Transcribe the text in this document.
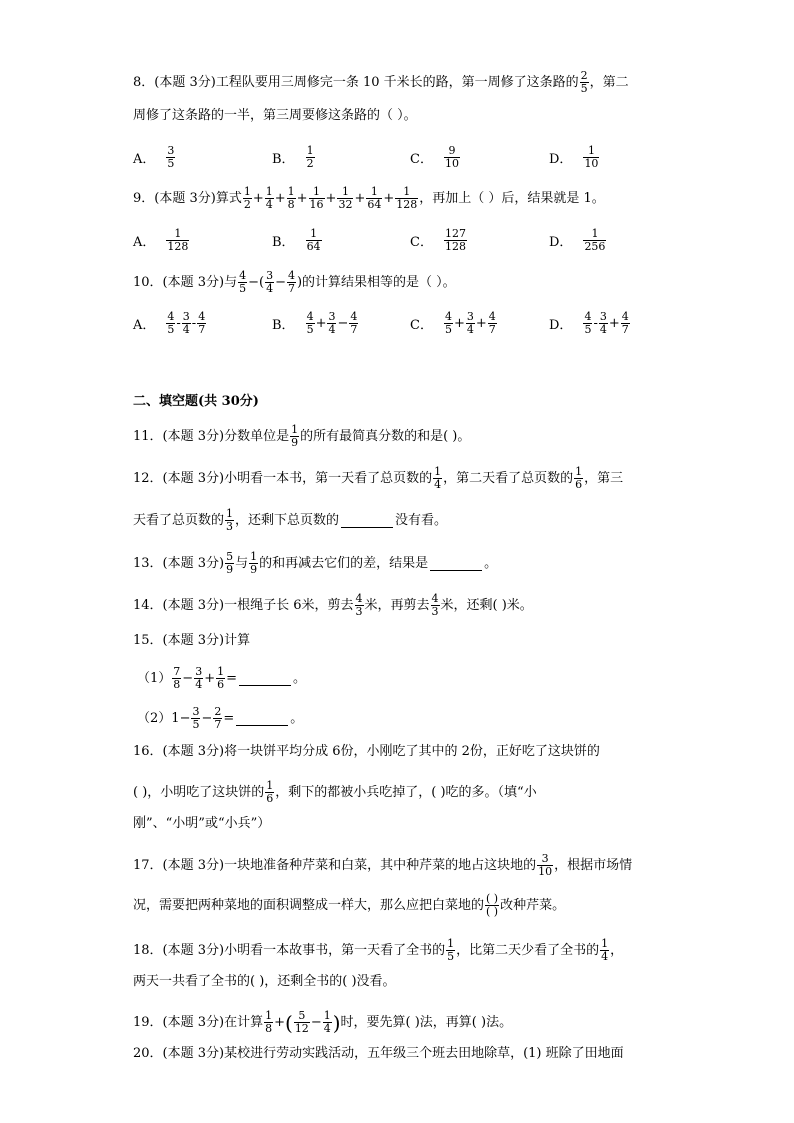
8．(本题 3分)工程队要用三周修完一条 10 千米长的路，第一周修了这条路的 $\frac{2}{5}$ ，第二
周修了这条路的一半，第三周要修这条路的（ ）。
A． $\frac{3}{5}$	B． $\frac{1}{2}$	C． $\frac{9}{10}$	D． $\frac{1}{10}$
9．(本题 3分)算式 $\frac{1}{2} + \frac{1}{4} + \frac{1}{8} + \frac{1}{16} + \frac{1}{32} + \frac{1}{64} + \frac{1}{128}$ ，再加上（ ）后，结果就是 1。
A． $\frac{1}{128}$	B． $\frac{1}{64}$	C． $\frac{127}{128}$	D． $\frac{1}{256}$
10．(本题 3分)与 $\frac{4}{5}$ −( $\frac{3}{4} - \frac{4}{7}$ ) 的计算结果相等的是（ ）。
A． $\frac{4}{5} - \frac{3}{4} - \frac{4}{7}$	B． $\frac{4}{5} + \frac{3}{4} - \frac{4}{7}$	C． $\frac{4}{5} + \frac{3}{4} + \frac{4}{7}$	D． $\frac{4}{5} - \frac{3}{4} + \frac{4}{7}$
二、填空题(共 30分)
11．(本题 3分)分数单位是 $\frac{1}{9}$ 的所有最简真分数的和是( )。
12．(本题 3分)小明看一本书，第一天看了总页数的 $\frac{1}{4}$ ，第二天看了总页数的 $\frac{1}{6}$ ，第三
天看了总页数的 $\frac{1}{3}$ ，还剩下总页数的	没有看。
13．(本题 3分) $\frac{5}{9}$ 与 $\frac{1}{9}$ 的和再减去它们的差，结果是	。
14．(本题 3分)一根绳子长 6米，剪去 $\frac{4}{3}$ 米，再剪去 $\frac{4}{3}$ 米，还剩( )米。
15．(本题 3分)计算
$(1) \frac{7}{8} - \frac{3}{4} + \frac{1}{6}$ =	。
（2） $1 - \frac{3}{5} - \frac{2}{7}$ =	。
16．(本题 3分)将一块饼平均分成 6份，小刚吃了其中的 2份，正好吃了这块饼的
( )，小明吃了这块饼的 $\frac{1}{6}$ ，剩下的都被小兵吃掉了，( )吃的多。（填“小
刚”、“小明”或“小兵”）
17．(本题 3分)一块地准备种芹菜和白菜，其中种芹菜的地占这块地的 $\frac{3}{10}$ ，根据市场情
况，需要把两种菜地的面积调整成一样大，那么应把白菜地的 $\frac{( )}{( )}$ 改种芹菜。
18．(本题 3分)小明看一本故事书，第一天看了全书的 $\frac{1}{5}$ ，比第二天少看了全书的 $\frac{1}{4}$ ，
两天一共看了全书的( )，还剩全书的( )没看。
19．(本题 3分)在计算 $\frac{1}{8}$ + ( $\frac{5}{12} - \frac{1}{4}$ ) 时，要先算( )法，再算( )法。
20．(本题 3分)某校进行劳动实践活动，五年级三个班去田地除草，(1) 班除了田地面
